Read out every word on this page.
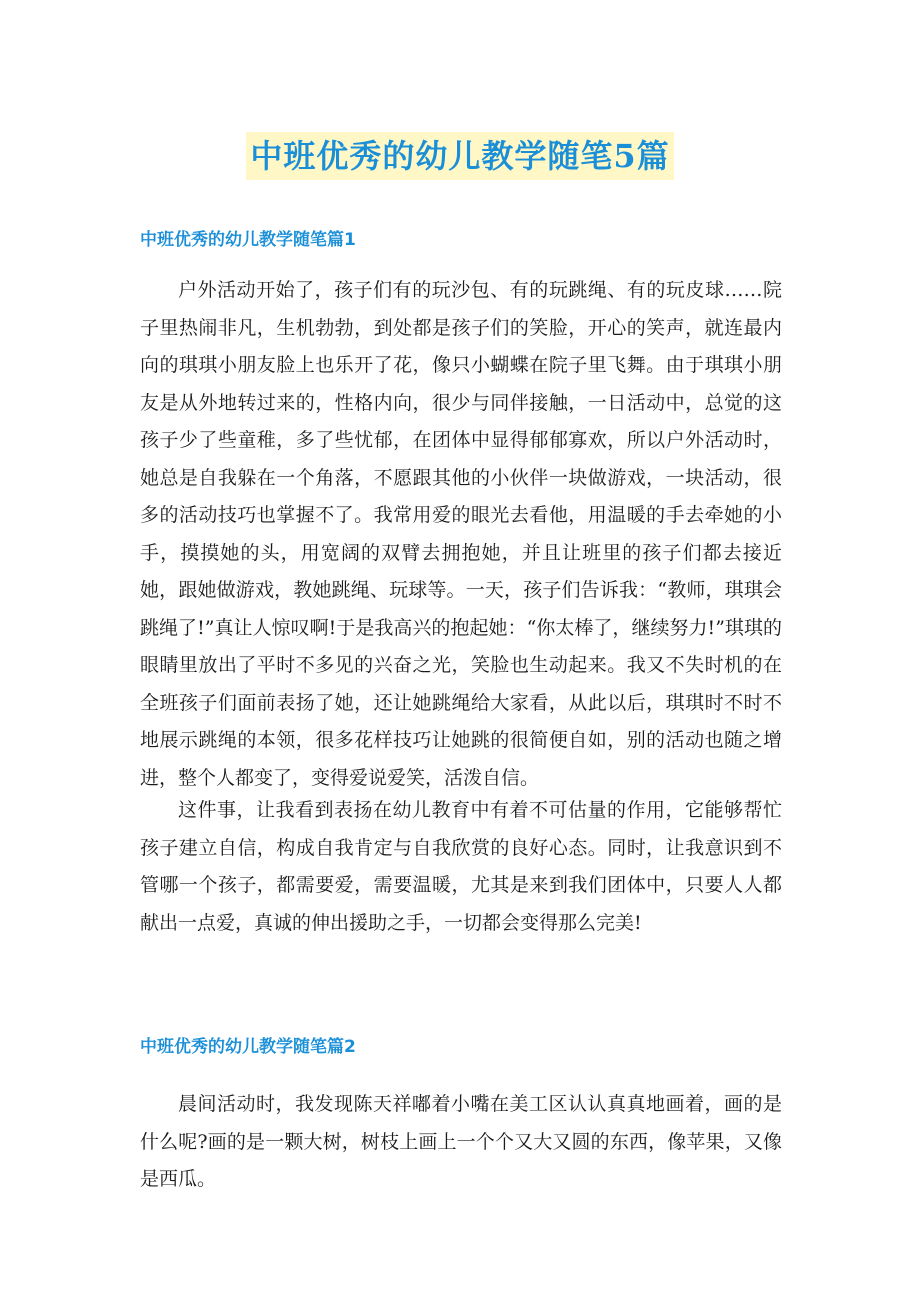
中班优秀的幼儿教学随笔5篇
中班优秀的幼儿教学随笔篇1

户外活动开始了，孩子们有的玩沙包、有的玩跳绳、有的玩皮球……院子里热闹非凡，生机勃勃，到处都是孩子们的笑脸，开心的笑声，就连最内向的琪琪小朋友脸上也乐开了花，像只小蝴蝶在院子里飞舞。由于琪琪小朋友是从外地转过来的，性格内向，很少与同伴接触，一日活动中，总觉的这孩子少了些童稚，多了些忧郁，在团体中显得郁郁寡欢，所以户外活动时，她总是自我躲在一个角落，不愿跟其他的小伙伴一块做游戏，一块活动，很多的活动技巧也掌握不了。我常用爱的眼光去看他，用温暖的手去牵她的小手，摸摸她的头，用宽阔的双臂去拥抱她，并且让班里的孩子们都去接近她，跟她做游戏，教她跳绳、玩球等。一天，孩子们告诉我：“教师，琪琪会跳绳了!”真让人惊叹啊!于是我高兴的抱起她：“你太棒了，继续努力!”琪琪的眼睛里放出了平时不多见的兴奋之光，笑脸也生动起来。我又不失时机的在全班孩子们面前表扬了她，还让她跳绳给大家看，从此以后，琪琪时不时不地展示跳绳的本领，很多花样技巧让她跳的很简便自如，别的活动也随之增进，整个人都变了，变得爱说爱笑，活泼自信。

这件事，让我看到表扬在幼儿教育中有着不可估量的作用，它能够帮忙孩子建立自信，构成自我肯定与自我欣赏的良好心态。同时，让我意识到不管哪一个孩子，都需要爱，需要温暖，尤其是来到我们团体中，只要人人都献出一点爱，真诚的伸出援助之手，一切都会变得那么完美!

中班优秀的幼儿教学随笔篇2

晨间活动时，我发现陈天祥嘟着小嘴在美工区认认真真地画着，画的是什么呢?画的是一颗大树，树枝上画上一个个又大又圆的东西，像苹果，又像是西瓜。
